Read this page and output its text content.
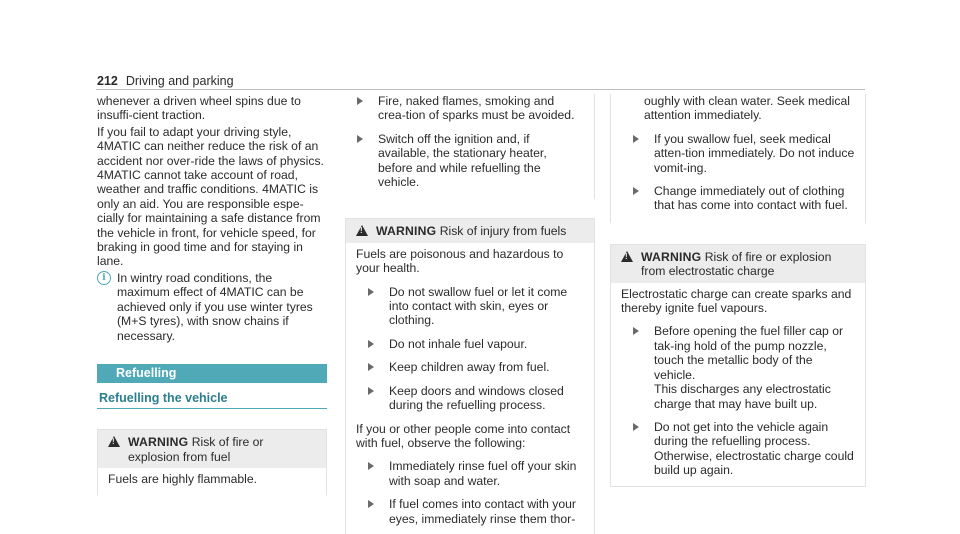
212 Driving and parking

whenever a driven wheel spins due to insuffi-cient traction.

If you fail to adapt your driving style, 4MATIC can neither reduce the risk of an accident nor over-ride the laws of physics. 4MATIC cannot take account of road, weather and traffic conditions. 4MATIC is only an aid. You are responsible espe-cially for maintaining a safe distance from the vehicle in front, for vehicle speed, for braking in good time and for staying in lane.

i In wintry road conditions, the maximum effect of 4MATIC can be achieved only if you use winter tyres (M+S tyres), with snow chains if necessary.
Refuelling
Refuelling the vehicle
!
WARNING Risk of fire or explosion from fuel
Fuels are highly flammable.
Fire, naked flames, smoking and crea-tion of sparks must be avoided.
Switch off the ignition and, if available, the stationary heater, before and while refuelling the vehicle.
!
WARNING Risk of injury from fuels

Fuels are poisonous and hazardous to your health.

Do not swallow fuel or let it come into contact with skin, eyes or clothing.
Do not inhale fuel vapour.
Keep children away from fuel.
Keep doors and windows closed during the refuelling process.

If you or other people come into contact with fuel, observe the following:

Immediately rinse fuel off your skin with soap and water.
If fuel comes into contact with your eyes, immediately rinse them thor-
oughly with clean water. Seek medical attention immediately.
If you swallow fuel, seek medical atten-tion immediately. Do not induce vomit-ing.
Change immediately out of clothing that has come into contact with fuel.
!
WARNING Risk of fire or explosion from electrostatic charge

Electrostatic charge can create sparks and thereby ignite fuel vapours.

Before opening the fuel filler cap or tak-ing hold of the pump nozzle, touch the metallic body of the vehicle.
This discharges any electrostatic charge that may have built up.
Do not get into the vehicle again during the refuelling process.
Otherwise, electrostatic charge could build up again.
